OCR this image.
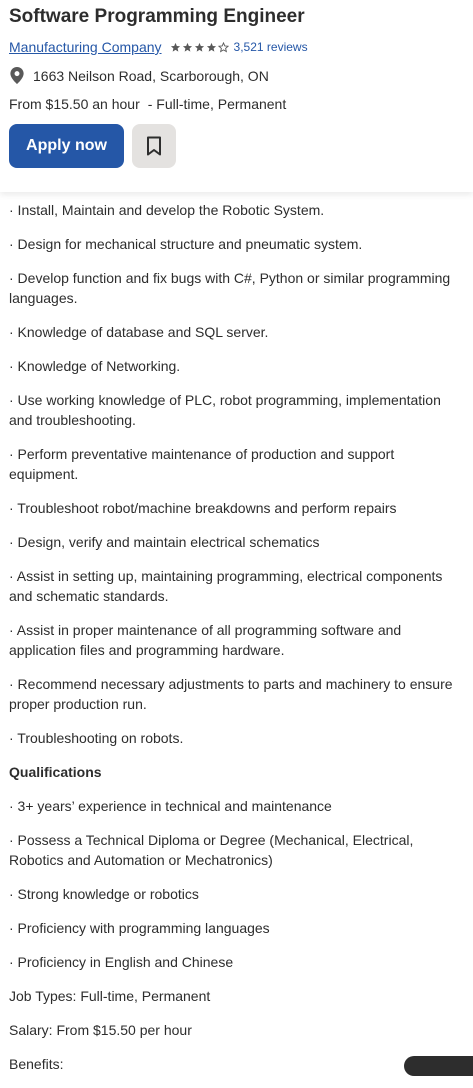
Software Programming Engineer
Manufacturing Company	3,521 reviews
1663 Neilson Road, Scarborough, ON
From $15.50 an hour - Full-time, Permanent
Apply now

· Install, Maintain and develop the Robotic System.

· Design for mechanical structure and pneumatic system.

· Develop function and fix bugs with C#, Python or similar programming languages.

· Knowledge of database and SQL server.

· Knowledge of Networking.

· Use working knowledge of PLC, robot programming, implementation and troubleshooting.

· Perform preventative maintenance of production and support equipment.

· Troubleshoot robot/machine breakdowns and perform repairs

· Design, verify and maintain electrical schematics

· Assist in setting up, maintaining programming, electrical components and schematic standards.

· Assist in proper maintenance of all programming software and application files and programming hardware.

· Recommend necessary adjustments to parts and machinery to ensure proper production run.

· Troubleshooting on robots.

Qualifications

· 3+ years’ experience in technical and maintenance

· Possess a Technical Diploma or Degree (Mechanical, Electrical, Robotics and Automation or Mechatronics)

· Strong knowledge or robotics

· Proficiency with programming languages

· Proficiency in English and Chinese

Job Types: Full-time, Permanent

Salary: From $15.50 per hour

Benefits:
